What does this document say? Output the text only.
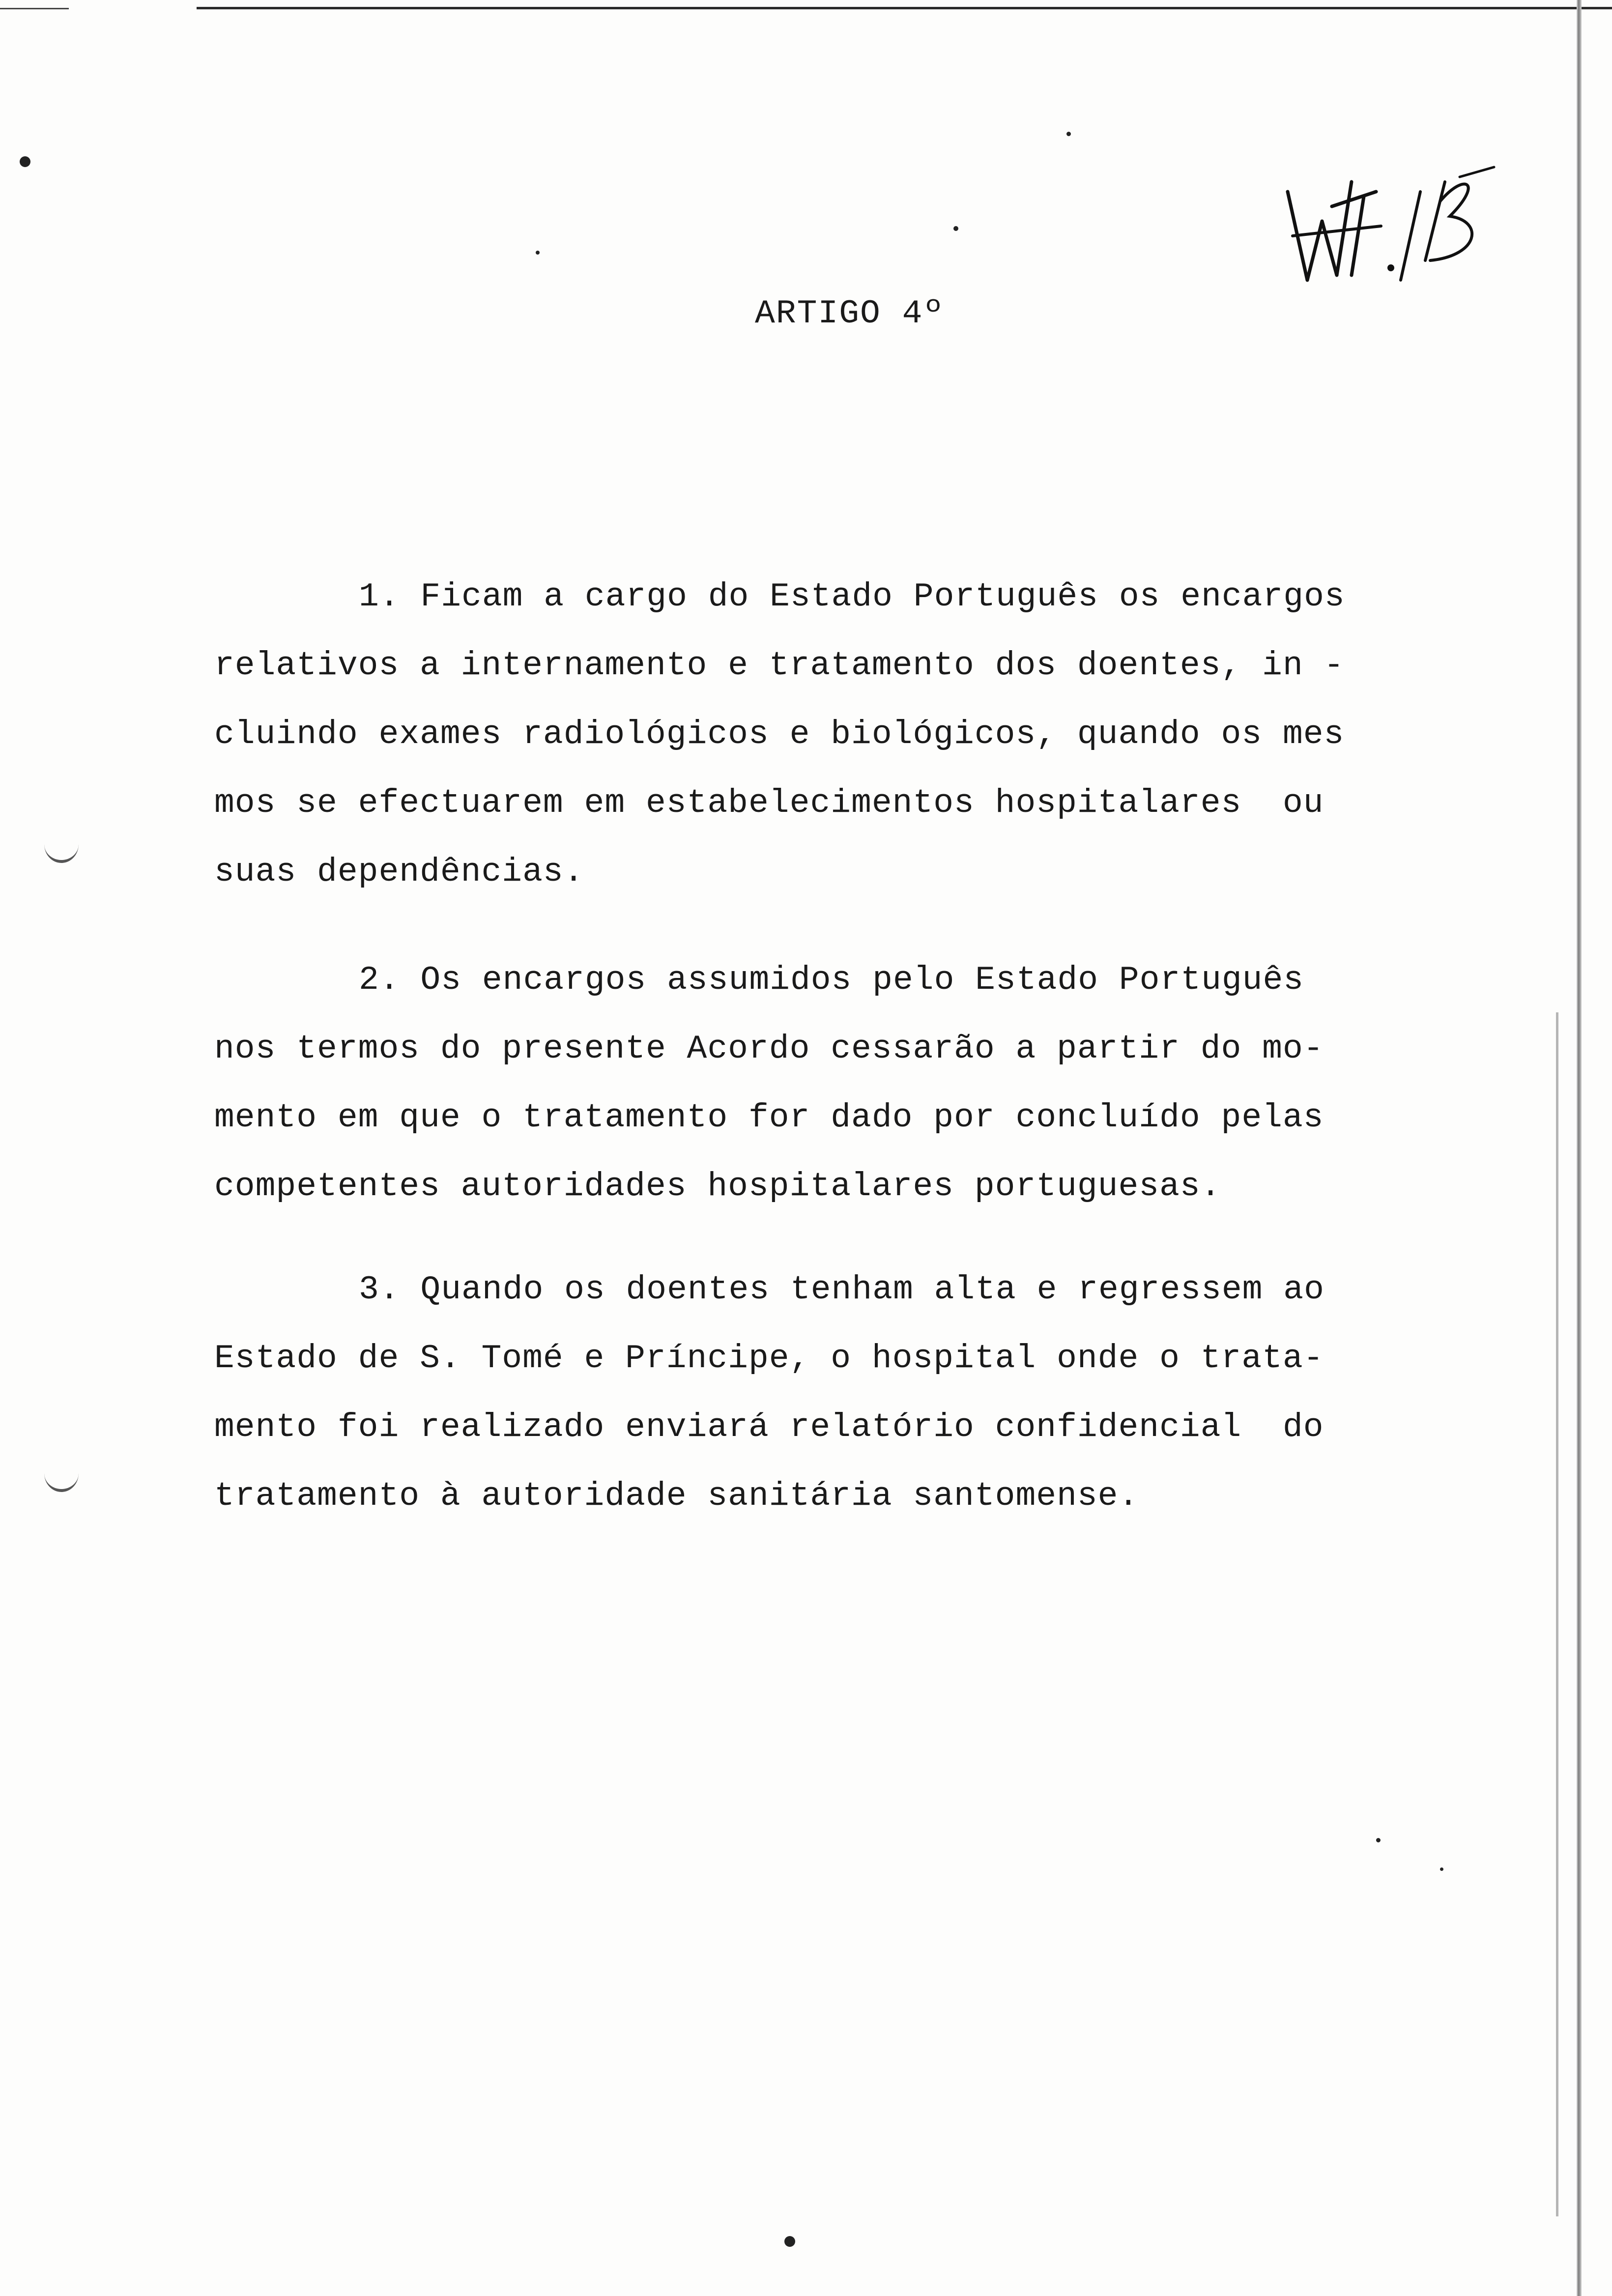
ARTIGO 4º
1. Ficam a cargo do Estado Português os encargos
relativos a internamento e tratamento dos doentes, in -
cluindo exames radiológicos e biológicos, quando os mes
mos se efectuarem em estabelecimentos hospitalares  ou
suas dependências.
2. Os encargos assumidos pelo Estado Português
nos termos do presente Acordo cessarão a partir do mo-
mento em que o tratamento for dado por concluído pelas
competentes autoridades hospitalares portuguesas.
3. Quando os doentes tenham alta e regressem ao
Estado de S. Tomé e Príncipe, o hospital onde o trata-
mento foi realizado enviará relatório confidencial  do
tratamento à autoridade sanitária santomense.
